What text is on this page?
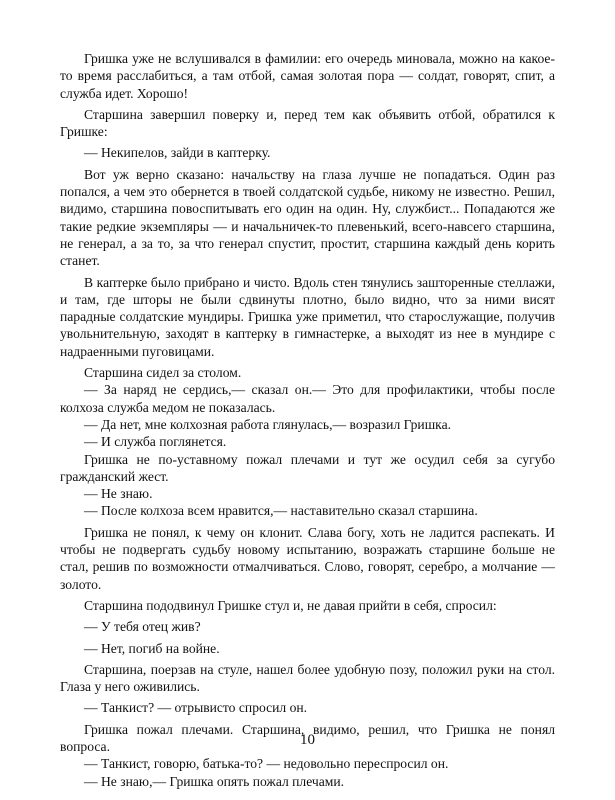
Гришка уже не вслушивался в фамилии: его очередь миновала, можно на какое-то время расслабиться, а там отбой, самая золотая пора — солдат, говорят, спит, а служба идет. Хорошо!

Старшина завершил поверку и, перед тем как объявить отбой, обратился к Гришке:

— Некипелов, зайди в каптерку.

Вот уж верно сказано: начальству на глаза лучше не попадаться. Один раз попался, а чем это обернется в твоей солдатской судьбе, никому не известно. Решил, видимо, старшина повоспитывать его один на один. Ну, службист... Попадаются же такие редкие экземпляры — и начальничек-то плевенький, всего-навсего старшина, не генерал, а за то, за что генерал спустит, простит, старшина каждый день корить станет.

В каптерке было прибрано и чисто. Вдоль стен тянулись зашторенные стеллажи, и там, где шторы не были сдвинуты плотно, было видно, что за ними висят парадные солдатские мундиры. Гришка уже приметил, что старослужащие, получив увольнительную, заходят в каптерку в гимнастерке, а выходят из нее в мундире с надраенными пуговицами.

Старшина сидел за столом.

— За наряд не сердись,— сказал он.— Это для профилактики, чтобы после колхоза служба медом не показалась.

— Да нет, мне колхозная работа глянулась,— возразил Гришка.

— И служба поглянется.

Гришка не по-уставному пожал плечами и тут же осудил себя за сугубо гражданский жест.

— Не знаю.

— После колхоза всем нравится,— наставительно сказал старшина.

Гришка не понял, к чему он клонит. Слава богу, хоть не ладится распекать. И чтобы не подвергать судьбу новому испытанию, возражать старшине больше не стал, решив по возможности отмалчиваться. Слово, говорят, серебро, а молчание — золото.

Старшина пододвинул Гришке стул и, не давая прийти в себя, спросил:

— У тебя отец жив?

— Нет, погиб на войне.

Старшина, поерзав на стуле, нашел более удобную позу, положил руки на стол. Глаза у него оживились.

— Танкист? — отрывисто спросил он.

Гришка пожал плечами. Старшина, видимо, решил, что Гришка не понял вопроса.

— Танкист, говорю, батька-то? — недовольно переспросил он.

— Не знаю,— Гришка опять пожал плечами.

10
